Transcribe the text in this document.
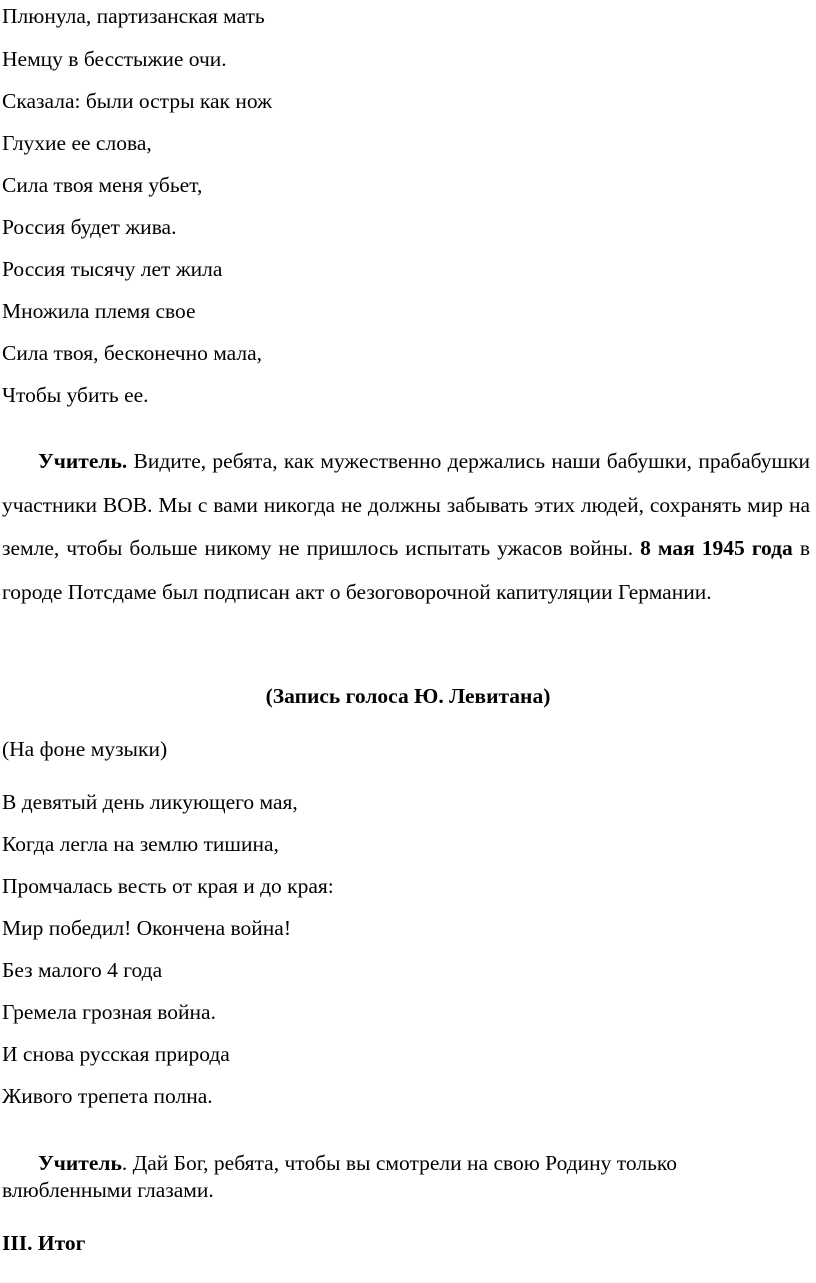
Плюнула, партизанская мать
Немцу в бесстыжие очи.
Сказала: были остры как нож
Глухие ее слова,
Сила твоя меня убьет,
Россия будет жива.
Россия тысячу лет жила
Множила племя свое
Сила твоя, бесконечно мала,
Чтобы убить ее.
Учитель. Видите, ребята, как мужественно держались наши бабушки, прабабушки участники ВОВ. Мы с вами никогда не должны забывать этих людей, сохранять мир на земле, чтобы больше никому не пришлось испытать ужасов войны. 8 мая 1945 года в городе Потсдаме был подписан акт о безоговорочной капитуляции Германии.
(Запись голоса Ю. Левитана)
(На фоне музыки)
В девятый день ликующего мая,
Когда легла на землю тишина,
Промчалась весть от края и до края:
Мир победил! Окончена война!
Без малого 4 года
Гремела грозная война.
И снова русская природа
Живого трепета полна.
Учитель. Дай Бог, ребята, чтобы вы смотрели на свою Родину только влюбленными глазами.
III. Итог
